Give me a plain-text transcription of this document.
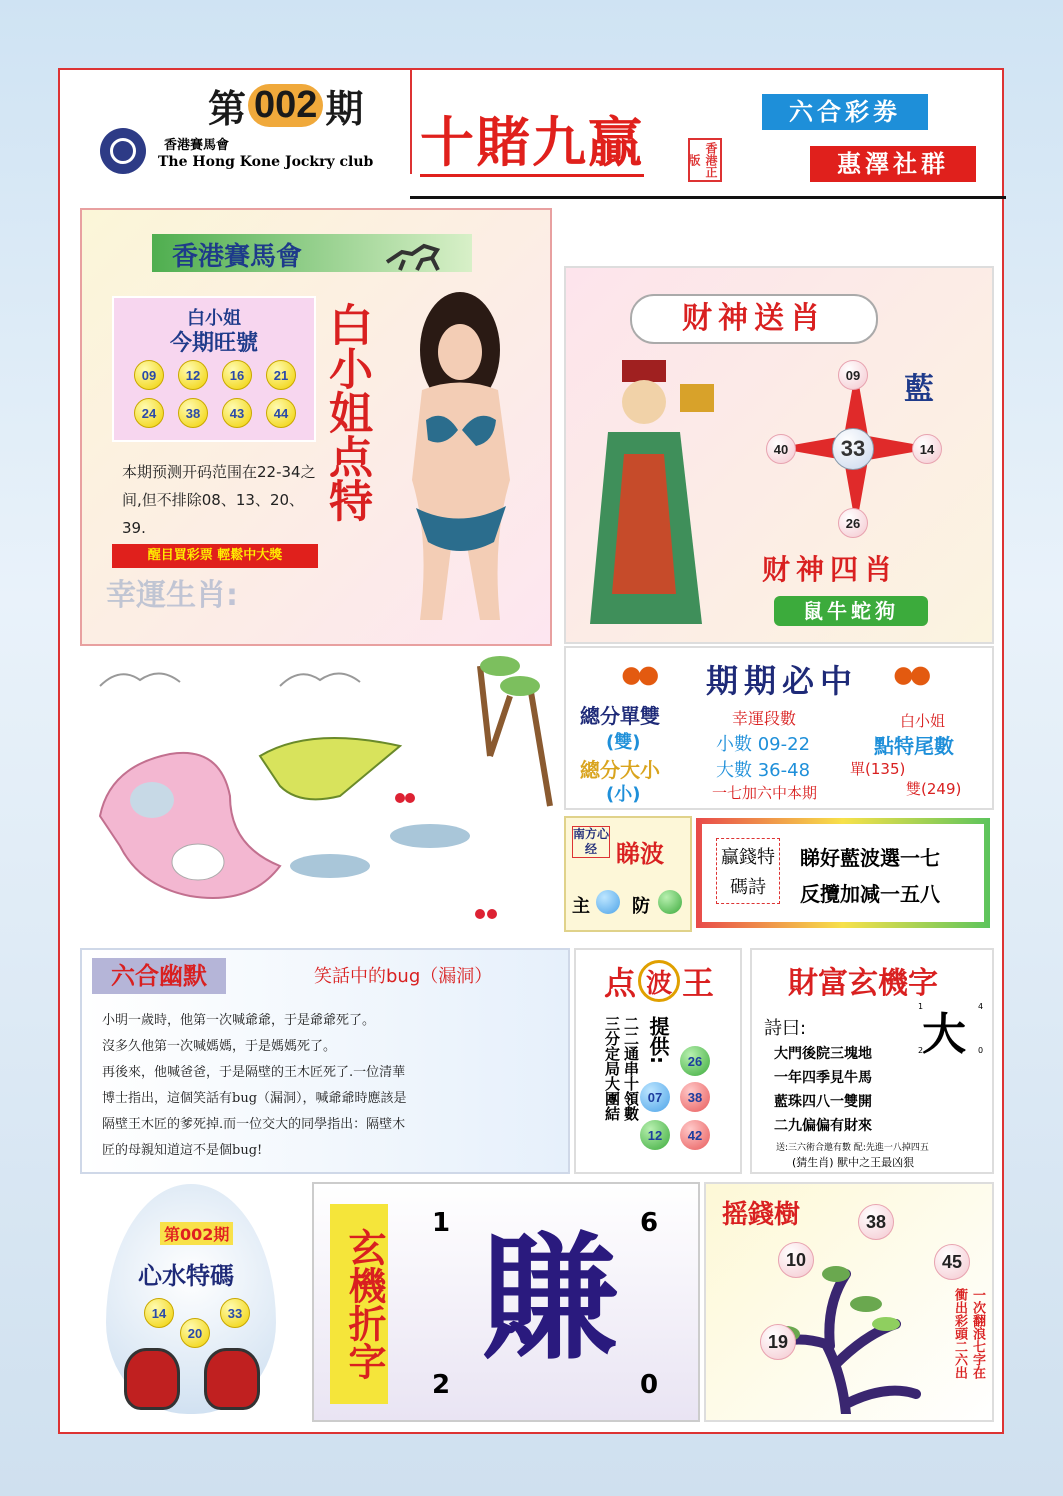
第 002 期
香港賽馬會
The Hong Kone Jockry club 十賭九贏	香港正版
六合彩劵
惠澤社群
香港賽馬會
白小姐
今期旺號
09	12	16	21
24	38	43	44 白小姐点特
本期预测开码范围在22-34之间,但不排除08、13、20、39.
醒目買彩票 輕鬆中大獎
幸運生肖:
财神送肖
09
40	14
26
33
藍
财神四肖
鼠牛蛇狗
期期必中
總分單雙
(雙)
總分大小
(小)
幸運段數
小數 09-22
大數 36-48
一七加六中本期
白小姐
點特尾數
單(135)
雙(249)
南方心经 睇波
主 防
贏錢特碼詩
睇好藍波選一七
反攬加减一五八
六合幽默	笑話中的bug（漏洞）
小明一歲時，他第一次喊爺爺，于是爺爺死了。
沒多久他第一次喊媽媽，于是媽媽死了。
再後來，他喊爸爸，于是隔壁的王木匠死了.一位清華
博士指出，這個笑話有bug（漏洞），喊爺爺時應該是
隔壁王木匠的爹死掉.而一位交大的同學指出：隔壁木
匠的母親知道這不是個bug!
点 波 王
三分定局大團結 二二通串十領數 提供:	26
07	38
12	42
財富玄機字
詩曰:
大門後院三塊地
一年四季見牛馬
藍珠四八一雙開
二九偏偏有財來
大
1	4
2	0
送:三六術合邀有數 配:先進一八掉四五
(猜生肖) 獸中之王最凶狠
第002期
心水特碼
14
20
33	玄機折字
1	6
2	0
賺
摇錢樹	38
10	45
19	一次翻浪七字在
衝出彩頭二六出
